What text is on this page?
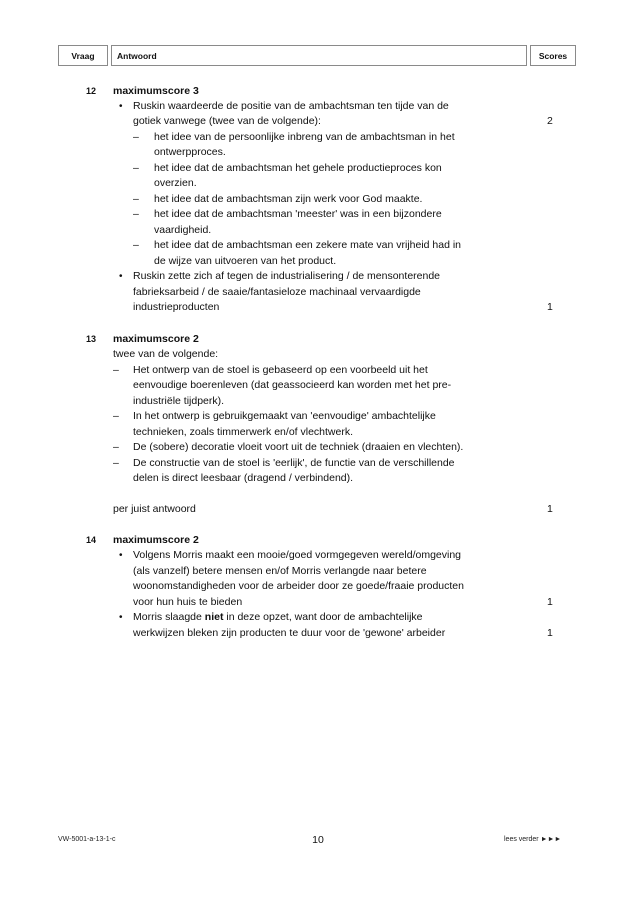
Vraag	Antwoord	Scores
12 maximumscore 3
• Ruskin waardeerde de positie van de ambachtsman ten tijde van de
gotiek vanwege (twee van de volgende):	2
– het idee van de persoonlijke inbreng van de ambachtsman in het
ontwerpproces.
– het idee dat de ambachtsman het gehele productieproces kon
overzien.
– het idee dat de ambachtsman zijn werk voor God maakte.
– het idee dat de ambachtsman 'meester' was in een bijzondere
vaardigheid.
– het idee dat de ambachtsman een zekere mate van vrijheid had in
de wijze van uitvoeren van het product.
• Ruskin zette zich af tegen de industrialisering / de mensonterende
fabrieksarbeid / de saaie/fantasieloze machinaal vervaardigde
industrieproducten	1
13 maximumscore 2
twee van de volgende:
– Het ontwerp van de stoel is gebaseerd op een voorbeeld uit het
eenvoudige boerenleven (dat geassocieerd kan worden met het pre-
industriële tijdperk).
– In het ontwerp is gebruikgemaakt van 'eenvoudige' ambachtelijke
technieken, zoals timmerwerk en/of vlechtwerk.
– De (sobere) decoratie vloeit voort uit de techniek (draaien en vlechten).
– De constructie van de stoel is 'eerlijk', de functie van de verschillende
delen is direct leesbaar (dragend / verbindend).
per juist antwoord	1
14 maximumscore 2
• Volgens Morris maakt een mooie/goed vormgegeven wereld/omgeving
(als vanzelf) betere mensen en/of Morris verlangde naar betere
woonomstandigheden voor de arbeider door ze goede/fraaie producten
voor hun huis te bieden	1
• Morris slaagde niet in deze opzet, want door de ambachtelijke
werkwijzen bleken zijn producten te duur voor de 'gewone' arbeider	1
VW-5001-a-13-1-c	10	lees verder ►►►
